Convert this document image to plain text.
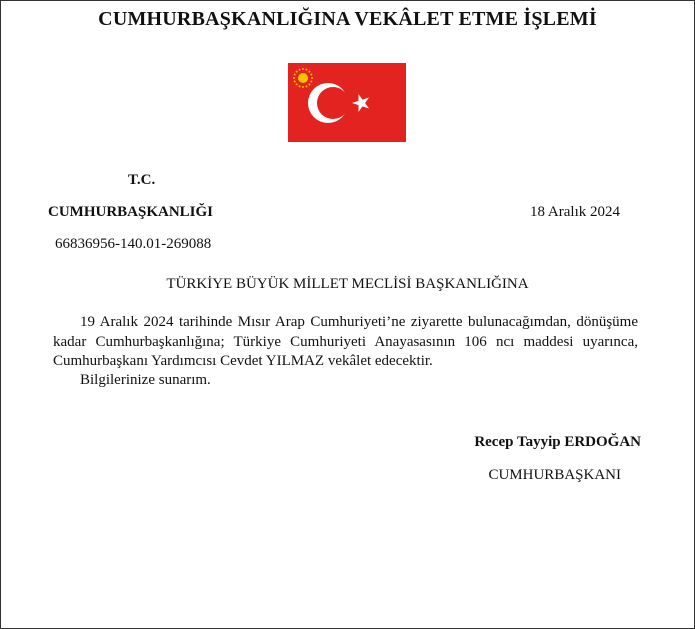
CUMHURBAŞKANLIĞINA VEKÂLET ETME İŞLEMİ
T.C.
CUMHURBAŞKANLIĞI	18 Aralık 2024
66836956-140.01-269088
TÜRKİYE BÜYÜK MİLLET MECLİSİ BAŞKANLIĞINA
19 Aralık 2024 tarihinde Mısır Arap Cumhuriyeti’ne ziyarette bulunacağımdan, dönüşüme kadar Cumhurbaşkanlığına; Türkiye Cumhuriyeti Anayasasının 106 ncı maddesi uyarınca, Cumhurbaşkanı Yardımcısı Cevdet YILMAZ vekâlet edecektir.
Bilgilerinize sunarım.
Recep Tayyip ERDOĞAN
CUMHURBAŞKANI
